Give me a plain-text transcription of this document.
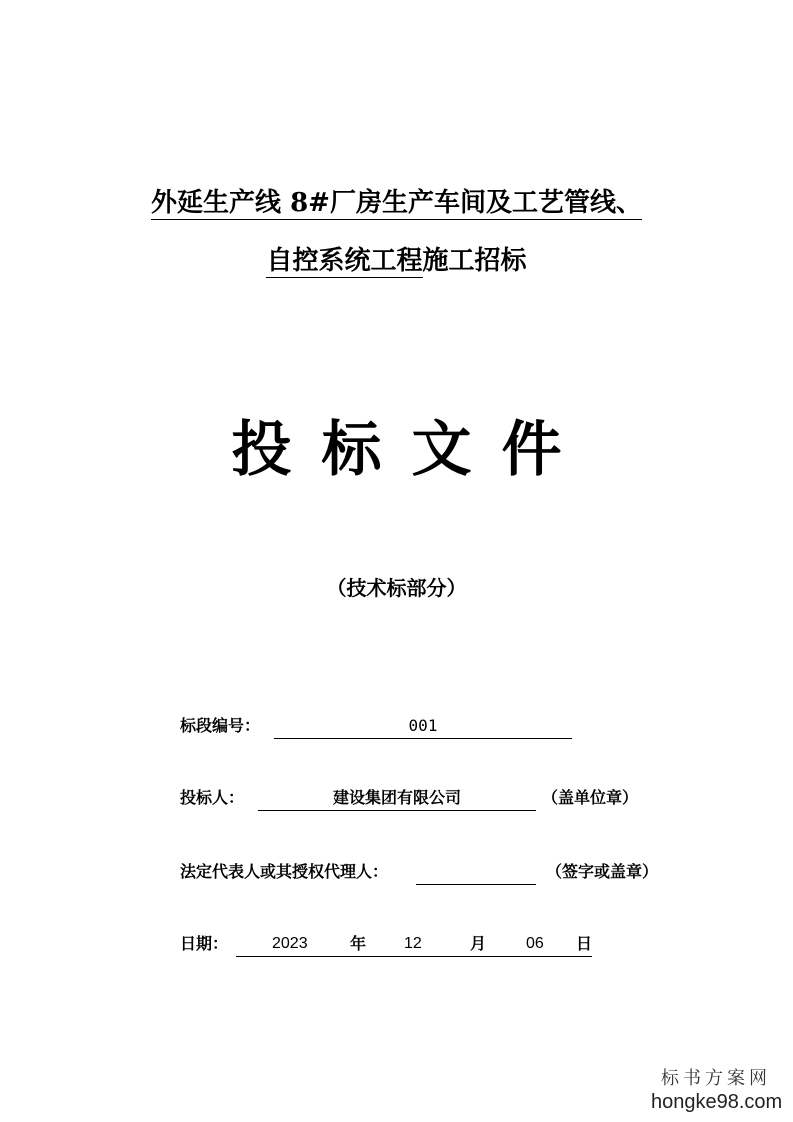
外延生产线 8#厂房生产车间及工艺管线、
自控系统工程施工招标
投标文件
（技术标部分）
标段编号：	001
投标人：	建设集团有限公司	（盖单位章）
法定代表人或其授权代理人：	（签字或盖章）
日期：	2023	年 12	月 06 日
标书方案网
hongke98.com
